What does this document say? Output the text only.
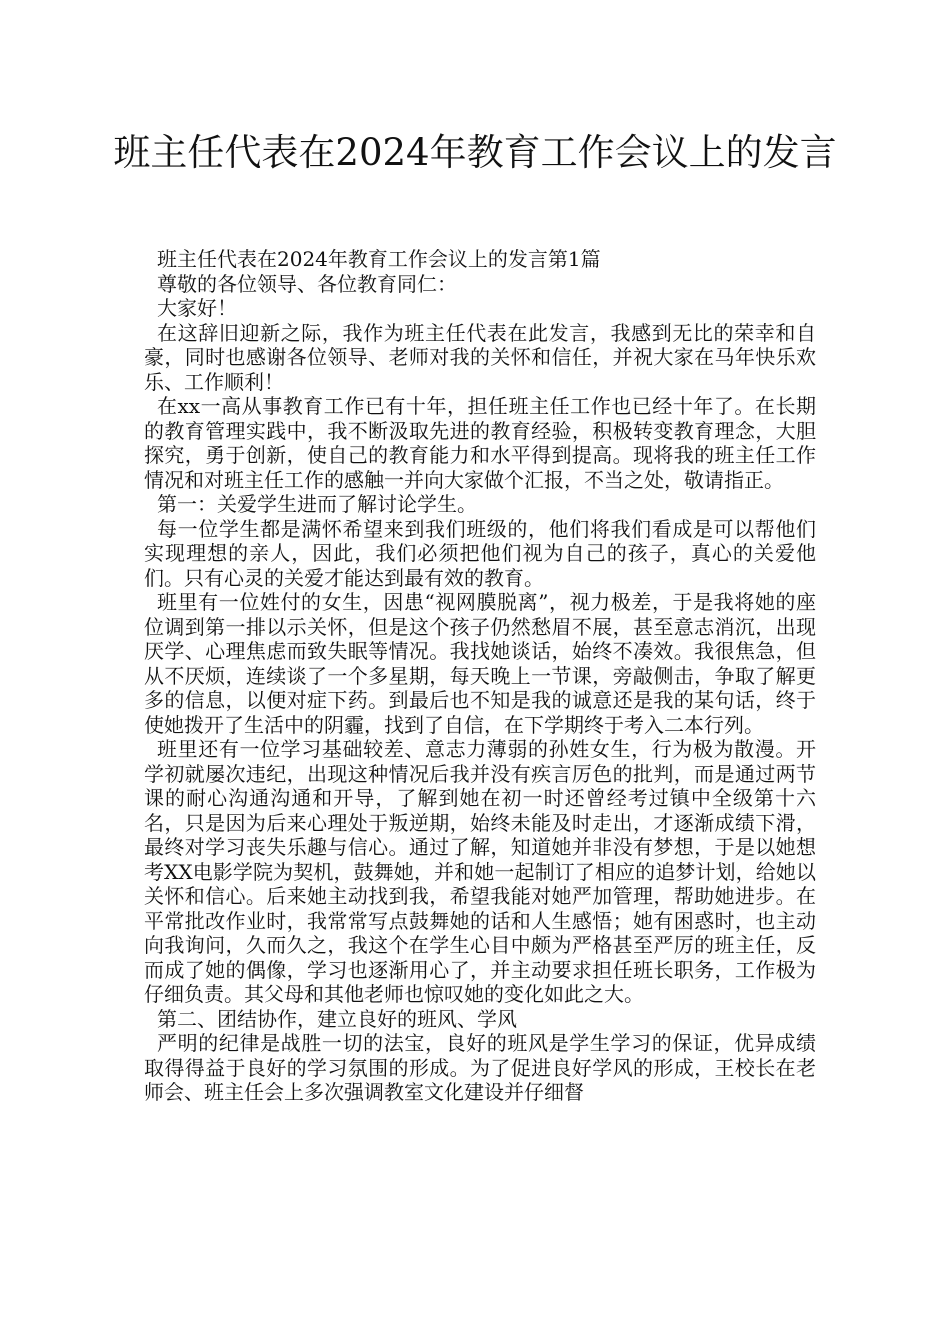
班主任代表在2024年教育工作会议上的发言

班主任代表在2024年教育工作会议上的发言第1篇

尊敬的各位领导、各位教育同仁：

大家好！

在这辞旧迎新之际，我作为班主任代表在此发言，我感到无比的荣幸和自豪，同时也感谢各位领导、老师对我的关怀和信任，并祝大家在马年快乐欢乐、工作顺利！

在xx一高从事教育工作已有十年，担任班主任工作也已经十年了。在长期的教育管理实践中，我不断汲取先进的教育经验，积极转变教育理念，大胆探究，勇于创新，使自己的教育能力和水平得到提高。现将我的班主任工作情况和对班主任工作的感触一并向大家做个汇报，不当之处，敬请指正。

第一：关爱学生进而了解讨论学生。

每一位学生都是满怀希望来到我们班级的，他们将我们看成是可以帮他们实现理想的亲人，因此，我们必须把他们视为自己的孩子，真心的关爱他们。只有心灵的关爱才能达到最有效的教育。

班里有一位姓付的女生，因患“视网膜脱离”，视力极差，于是我将她的座位调到第一排以示关怀，但是这个孩子仍然愁眉不展，甚至意志消沉，出现厌学、心理焦虑而致失眠等情况。我找她谈话，始终不凑效。我很焦急，但从不厌烦，连续谈了一个多星期，每天晚上一节课，旁敲侧击，争取了解更多的信息，以便对症下药。到最后也不知是我的诚意还是我的某句话，终于使她拨开了生活中的阴霾，找到了自信，在下学期终于考入二本行列。

班里还有一位学习基础较差、意志力薄弱的孙姓女生，行为极为散漫。开学初就屡次违纪，出现这种情况后我并没有疾言厉色的批判，而是通过两节课的耐心沟通沟通和开导，了解到她在初一时还曾经考过镇中全级第十六名，只是因为后来心理处于叛逆期，始终未能及时走出，才逐渐成绩下滑，最终对学习丧失乐趣与信心。通过了解，知道她并非没有梦想，于是以她想考XX电影学院为契机，鼓舞她，并和她一起制订了相应的追梦计划，给她以关怀和信心。后来她主动找到我，希望我能对她严加管理，帮助她进步。在平常批改作业时，我常常写点鼓舞她的话和人生感悟；她有困惑时，也主动向我询问，久而久之，我这个在学生心目中颇为严格甚至严厉的班主任，反而成了她的偶像，学习也逐渐用心了，并主动要求担任班长职务，工作极为仔细负责。其父母和其他老师也惊叹她的变化如此之大。

第二、团结协作，建立良好的班风、学风

严明的纪律是战胜一切的法宝，良好的班风是学生学习的保证，优异成绩取得得益于良好的学习氛围的形成。为了促进良好学风的形成，王校长在老师会、班主任会上多次强调教室文化建设并仔细督
